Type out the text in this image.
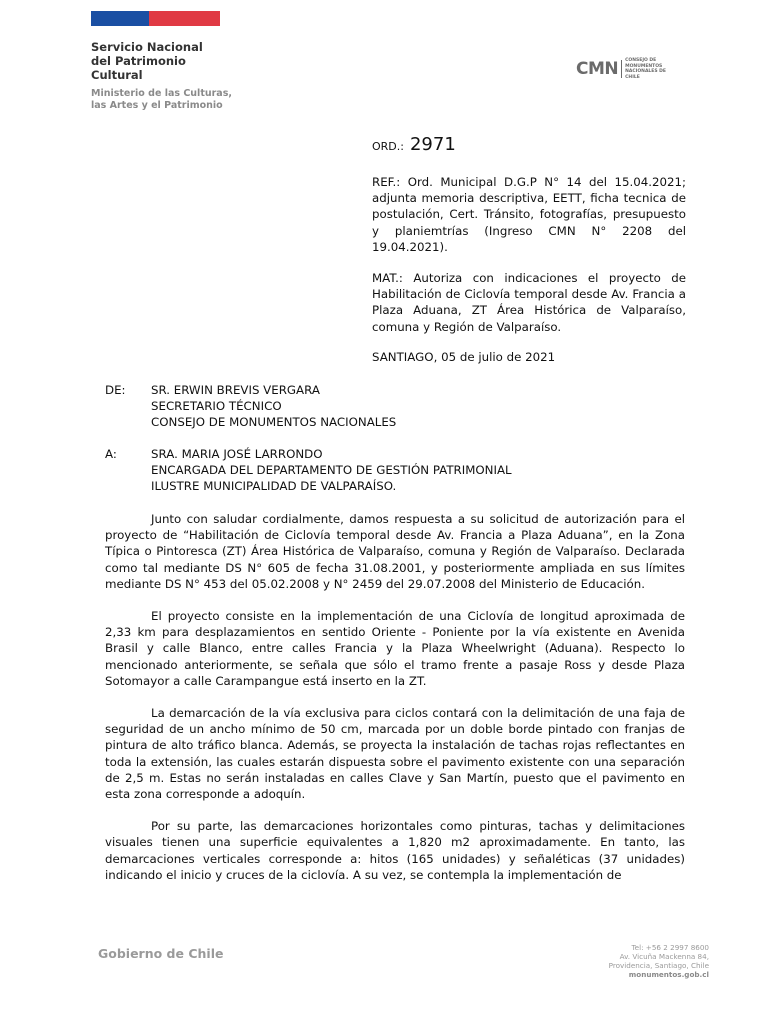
Servicio Nacional
del Patrimonio
Cultural
Ministerio de las Culturas,
las Artes y el Patrimonio
CMN CONSEJO DE
MONUMENTOS
NACIONALES DE CHILE
ORD.: 2971
REF.: Ord. Municipal D.G.P N° 14 del 15.04.2021; adjunta memoria descriptiva, EETT, ficha tecnica de postulación, Cert. Tránsito, fotografías, presupuesto y planiemtrías (Ingreso CMN N° 2208 del 19.04.2021).
MAT.: Autoriza con indicaciones el proyecto de Habilitación de Ciclovía temporal desde Av. Francia a Plaza Aduana, ZT Área Histórica de Valparaíso, comuna y Región de Valparaíso.
SANTIAGO, 05 de julio de 2021
DE: SR. ERWIN BREVIS VERGARA
SECRETARIO TÉCNICO
CONSEJO DE MONUMENTOS NACIONALES
A:	SRA. MARIA JOSÉ LARRONDO
ENCARGADA DEL DEPARTAMENTO DE GESTIÓN PATRIMONIAL
ILUSTRE MUNICIPALIDAD DE VALPARAÍSO.

Junto con saludar cordialmente, damos respuesta a su solicitud de autorización para el proyecto de “Habilitación de Ciclovía temporal desde Av. Francia a Plaza Aduana”, en la Zona Típica o Pintoresca (ZT) Área Histórica de Valparaíso, comuna y Región de Valparaíso. Declarada como tal mediante DS N° 605 de fecha 31.08.2001, y posteriormente ampliada en sus límites mediante DS N° 453 del 05.02.2008 y N° 2459 del 29.07.2008 del Ministerio de Educación.

El proyecto consiste en la implementación de una Ciclovía de longitud aproximada de 2,33 km para desplazamientos en sentido Oriente - Poniente por la vía existente en Avenida Brasil y calle Blanco, entre calles Francia y la Plaza Wheelwright (Aduana). Respecto lo mencionado anteriormente, se señala que sólo el tramo frente a pasaje Ross y desde Plaza Sotomayor a calle Carampangue está inserto en la ZT.

La demarcación de la vía exclusiva para ciclos contará con la delimitación de una faja de seguridad de un ancho mínimo de 50 cm, marcada por un doble borde pintado con franjas de pintura de alto tráfico blanca. Además, se proyecta la instalación de tachas rojas reflectantes en toda la extensión, las cuales estarán dispuesta sobre el pavimento existente con una separación de 2,5 m. Estas no serán instaladas en calles Clave y San Martín, puesto que el pavimento en esta zona corresponde a adoquín.

Por su parte, las demarcaciones horizontales como pinturas, tachas y delimitaciones visuales tienen una superficie equivalentes a 1,820 m2 aproximadamente. En tanto, las demarcaciones verticales corresponde a: hitos (165 unidades) y señaléticas (37 unidades) indicando el inicio y cruces de la ciclovía. A su vez, se contempla la implementación de

Gobierno de Chile	Tel: +56 2 2997 8600
Av. Vicuña Mackenna 84,
Providencia, Santiago, Chile
monumentos.gob.cl
